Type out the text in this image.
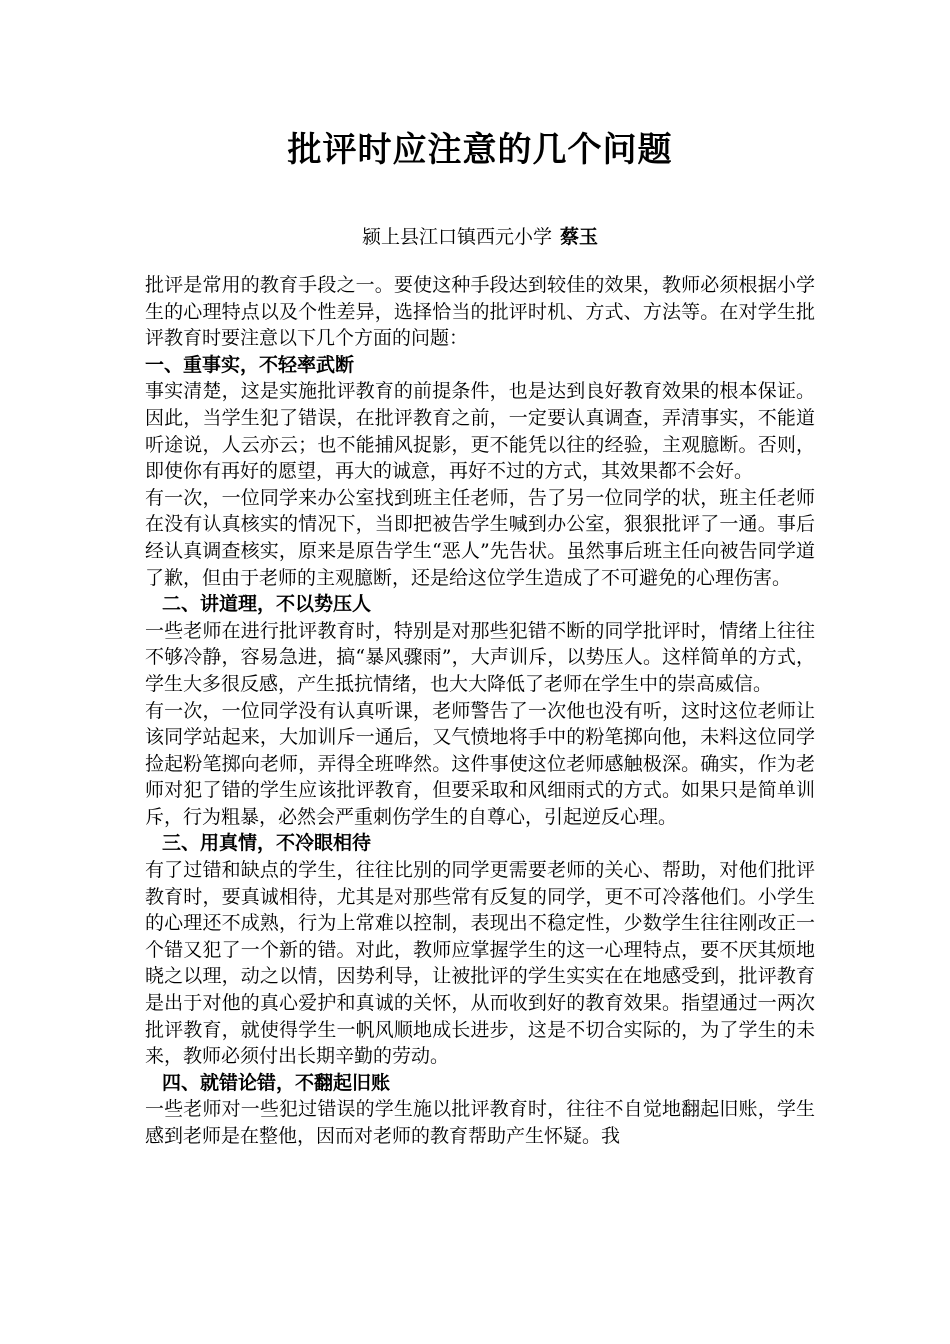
批评时应注意的几个问题
颍上县江口镇西元小学 蔡玉

批评是常用的教育手段之一。要使这种手段达到较佳的效果，教师必须根据小学生的心理特点以及个性差异，选择恰当的批评时机、方式、方法等。在对学生批评教育时要注意以下几个方面的问题：

一、重事实，不轻率武断

事实清楚，这是实施批评教育的前提条件，也是达到良好教育效果的根本保证。因此，当学生犯了错误，在批评教育之前，一定要认真调查，弄清事实，不能道听途说，人云亦云；也不能捕风捉影，更不能凭以往的经验，主观臆断。否则，即使你有再好的愿望，再大的诚意，再好不过的方式，其效果都不会好。

有一次，一位同学来办公室找到班主任老师，告了另一位同学的状，班主任老师在没有认真核实的情况下，当即把被告学生喊到办公室，狠狠批评了一通。事后经认真调查核实，原来是原告学生“恶人”先告状。虽然事后班主任向被告同学道了歉，但由于老师的主观臆断，还是给这位学生造成了不可避免的心理伤害。

二、讲道理，不以势压人

一些老师在进行批评教育时，特别是对那些犯错不断的同学批评时，情绪上往往不够冷静，容易急进，搞“暴风骤雨”，大声训斥，以势压人。这样简单的方式，学生大多很反感，产生抵抗情绪，也大大降低了老师在学生中的崇高威信。

有一次，一位同学没有认真听课，老师警告了一次他也没有听，这时这位老师让该同学站起来，大加训斥一通后，又气愤地将手中的粉笔掷向他，未料这位同学捡起粉笔掷向老师，弄得全班哗然。这件事使这位老师感触极深。确实，作为老师对犯了错的学生应该批评教育，但要采取和风细雨式的方式。如果只是简单训斥，行为粗暴，必然会严重刺伤学生的自尊心，引起逆反心理。

三、用真情，不冷眼相待

有了过错和缺点的学生，往往比别的同学更需要老师的关心、帮助，对他们批评教育时，要真诚相待，尤其是对那些常有反复的同学，更不可冷落他们。小学生的心理还不成熟，行为上常难以控制，表现出不稳定性，少数学生往往刚改正一个错又犯了一个新的错。对此，教师应掌握学生的这一心理特点，要不厌其烦地晓之以理，动之以情，因势利导，让被批评的学生实实在在地感受到，批评教育是出于对他的真心爱护和真诚的关怀，从而收到好的教育效果。指望通过一两次批评教育，就使得学生一帆风顺地成长进步，这是不切合实际的，为了学生的未来，教师必须付出长期辛勤的劳动。

四、就错论错，不翻起旧账

一些老师对一些犯过错误的学生施以批评教育时，往往不自觉地翻起旧账，学生感到老师是在整他，因而对老师的教育帮助产生怀疑。我
